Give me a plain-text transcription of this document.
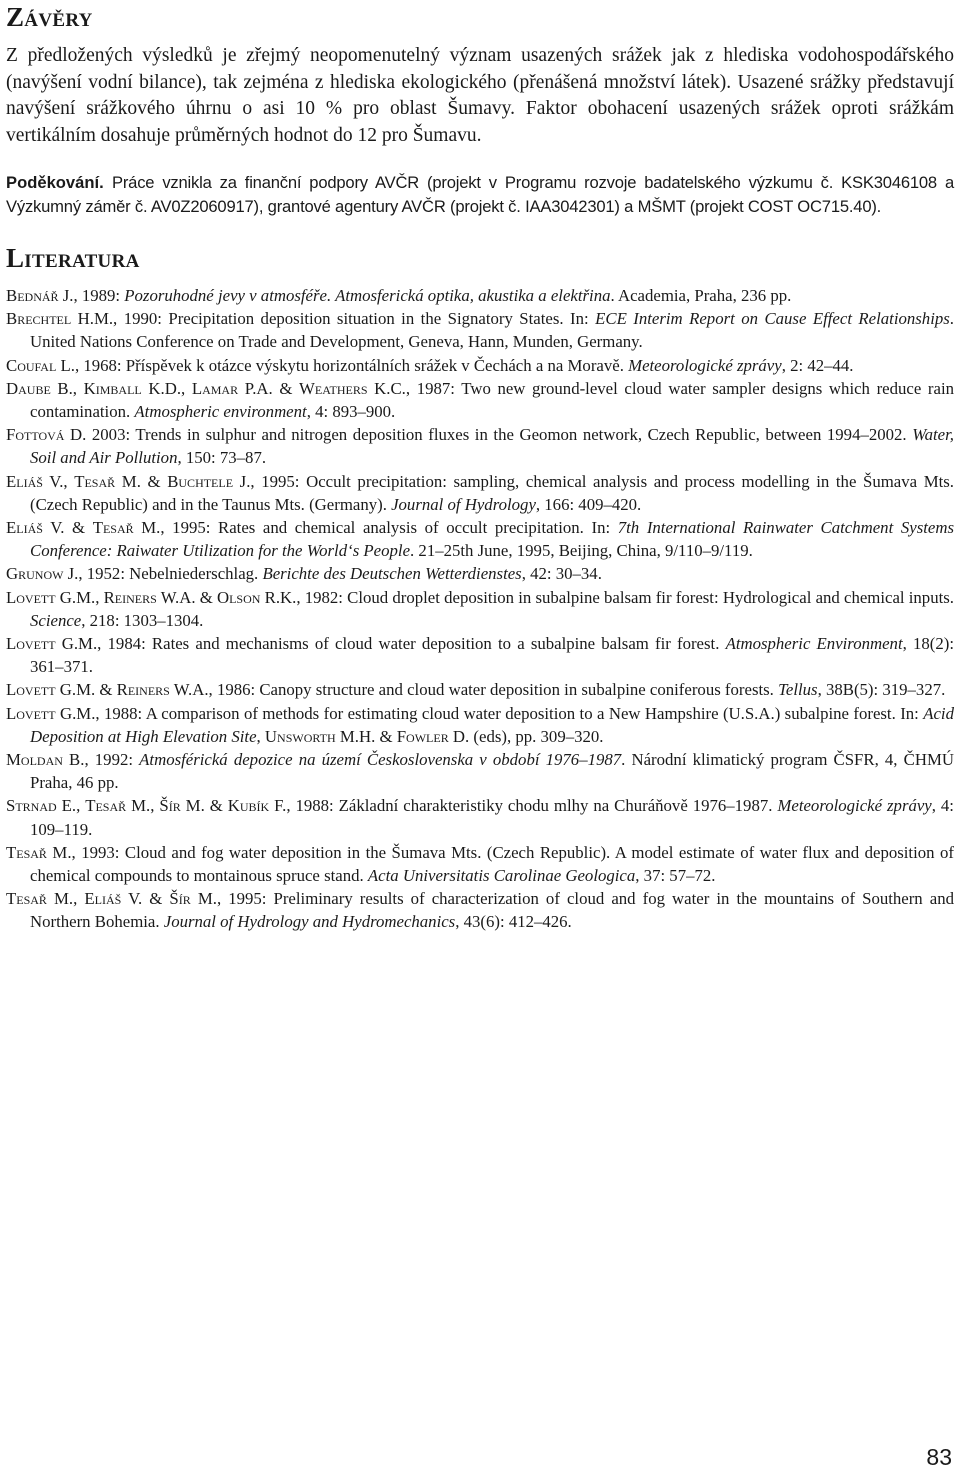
Závěry

Z předložených výsledků je zřejmý neopomenutelný význam usazených srážek jak z hlediska vodohospodářského (navýšení vodní bilance), tak zejména z hlediska ekologického (přenášená množství látek). Usazené srážky představují navýšení srážkového úhrnu o asi 10 % pro oblast Šumavy. Faktor obohacení usazených srážek oproti srážkám vertikálním dosahuje průměrných hodnot do 12 pro Šumavu.

Poděkování. Práce vznikla za finanční podpory AVČR (projekt v Programu rozvoje badatelského výzkumu č. KSK3046108 a Výzkumný záměr č. AV0Z2060917), grantové agentury AVČR (projekt č. IAA3042301) a MŠMT (projekt COST OC715.40).

Literatura

Bednář J., 1989: Pozoruhodné jevy v atmosféře. Atmosferická optika, akustika a elektřina. Academia, Praha, 236 pp.

Brechtel H.M., 1990: Precipitation deposition situation in the Signatory States. In: ECE Interim Report on Cause Effect Relationships. United Nations Conference on Trade and Development, Geneva, Hann, Munden, Germany.

Coufal L., 1968: Příspěvek k otázce výskytu horizontálních srážek v Čechách a na Moravě. Meteorologické zprávy, 2: 42–44.

Daube B., Kimball K.D., Lamar P.A. & Weathers K.C., 1987: Two new ground-level cloud water sampler designs which reduce rain contamination. Atmospheric environment, 4: 893–900.

Fottová D. 2003: Trends in sulphur and nitrogen deposition fluxes in the Geomon network, Czech Republic, between 1994–2002. Water, Soil and Air Pollution, 150: 73–87.

Eliáš V., Tesař M. & Buchtele J., 1995: Occult precipitation: sampling, chemical analysis and process modelling in the Šumava Mts. (Czech Republic) and in the Taunus Mts. (Germany). Journal of Hydrology, 166: 409–420.

Eliáš V. & Tesař M., 1995: Rates and chemical analysis of occult precipitation. In: 7th International Rainwater Catchment Systems Conference: Raiwater Utilization for the World‘s People. 21–25th June, 1995, Beijing, China, 9/110–9/119.

Grunow J., 1952: Nebelniederschlag. Berichte des Deutschen Wetterdienstes, 42: 30–34.

Lovett G.M., Reiners W.A. & Olson R.K., 1982: Cloud droplet deposition in subalpine balsam fir forest: Hydrological and chemical inputs. Science, 218: 1303–1304.

Lovett G.M., 1984: Rates and mechanisms of cloud water deposition to a subalpine balsam fir forest. Atmospheric Environment, 18(2): 361–371.

Lovett G.M. & Reiners W.A., 1986: Canopy structure and cloud water deposition in subalpine coniferous forests. Tellus, 38B(5): 319–327.

Lovett G.M., 1988: A comparison of methods for estimating cloud water deposition to a New Hampshire (U.S.A.) subalpine forest. In: Acid Deposition at High Elevation Site, Unsworth M.H. & Fowler D. (eds), pp. 309–320.

Moldan B., 1992: Atmosférická depozice na území Československa v období 1976–1987. Národní klimatický program ČSFR, 4, ČHMÚ Praha, 46 pp.

Strnad E., Tesař M., Šír M. & Kubík F., 1988: Základní charakteristiky chodu mlhy na Churáňově 1976–1987. Meteorologické zprávy, 4: 109–119.

Tesař M., 1993: Cloud and fog water deposition in the Šumava Mts. (Czech Republic). A model estimate of water flux and deposition of chemical compounds to montainous spruce stand. Acta Universitatis Carolinae Geologica, 37: 57–72.

Tesař M., Eliáš V. & Šír M., 1995: Preliminary results of characterization of cloud and fog water in the mountains of Southern and Northern Bohemia. Journal of Hydrology and Hydromechanics, 43(6): 412–426.

83
